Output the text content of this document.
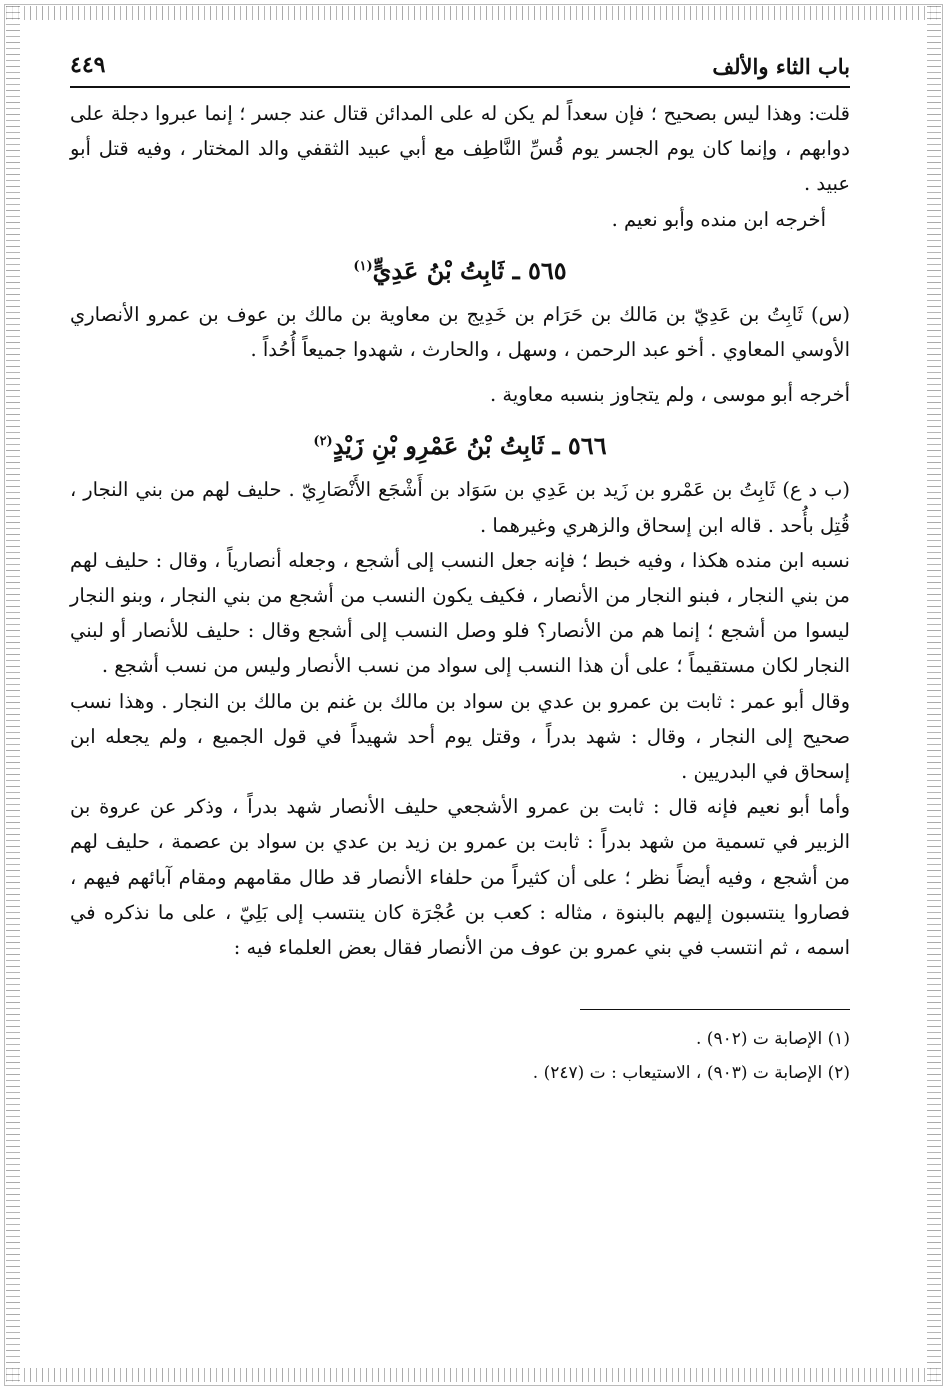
باب الثاء والألف
٤٤٩

قلت: وهذا ليس بصحيح ؛ فإن سعداً لم يكن له على المدائن قتال عند جسر ؛ إنما عبروا دجلة على دوابهم ، وإنما كان يوم الجسر يوم قُسِّ النَّاطِف مع أبي عبيد الثقفي والد المختار ، وفيه قتل أبو عبيد .

أخرجه ابن منده وأبو نعيم .

٥٦٥ ـ ثَابِتُ بْنُ عَدِيٍّ$^{(١)}$

(س) ثَابِتُ بن عَدِيّ بن مَالك بن حَرَام بن خَدِيج بن معاوية بن مالك بن عوف بن عمرو الأنصاري الأوسي المعاوي . أخو عبد الرحمن ، وسهل ، والحارث ، شهدوا جميعاً أُحُداً .

أخرجه أبو موسى ، ولم يتجاوز بنسبه معاوية .

٥٦٦ ـ ثَابِتُ بْنُ عَمْرِو بْنِ زَيْدٍ$^{(٢)}$

(ب د ع) ثَابِتُ بن عَمْرو بن زَيد بن عَدِي بن سَوَاد بن أَشْجَع الأَنْصَارِيّ . حليف لهم من بني النجار ، قُتِل بأُحد . قاله ابن إسحاق والزهري وغيرهما .

نسبه ابن منده هكذا ، وفيه خبط ؛ فإنه جعل النسب إلى أشجع ، وجعله أنصارياً ، وقال : حليف لهم من بني النجار ، فبنو النجار من الأنصار ، فكيف يكون النسب من أشجع من بني النجار ، وبنو النجار ليسوا من أشجع ؛ إنما هم من الأنصار؟ فلو وصل النسب إلى أشجع وقال : حليف للأنصار أو لبني النجار لكان مستقيماً ؛ على أن هذا النسب إلى سواد من نسب الأنصار وليس من نسب أشجع .

وقال أبو عمر : ثابت بن عمرو بن عدي بن سواد بن مالك بن غنم بن مالك بن النجار . وهذا نسب صحيح إلى النجار ، وقال : شهد بدراً ، وقتل يوم أحد شهيداً في قول الجميع ، ولم يجعله ابن إسحاق في البدريين .

وأما أبو نعيم فإنه قال : ثابت بن عمرو الأشجعي حليف الأنصار شهد بدراً ، وذكر عن عروة بن الزبير في تسمية من شهد بدراً : ثابت بن عمرو بن زيد بن عدي بن سواد بن عصمة ، حليف لهم من أشجع ، وفيه أيضاً نظر ؛ على أن كثيراً من حلفاء الأنصار قد طال مقامهم ومقام آبائهم فيهم ، فصاروا ينتسبون إليهم بالبنوة ، مثاله : كعب بن عُجْرَة كان ينتسب إلى بَلِيّ ، على ما نذكره في اسمه ، ثم انتسب في بني عمرو بن عوف من الأنصار فقال بعض العلماء فيه :

(١) الإصابة ت (٩٠٢) .

(٢) الإصابة ت (٩٠٣) ، الاستيعاب : ت (٢٤٧) .
